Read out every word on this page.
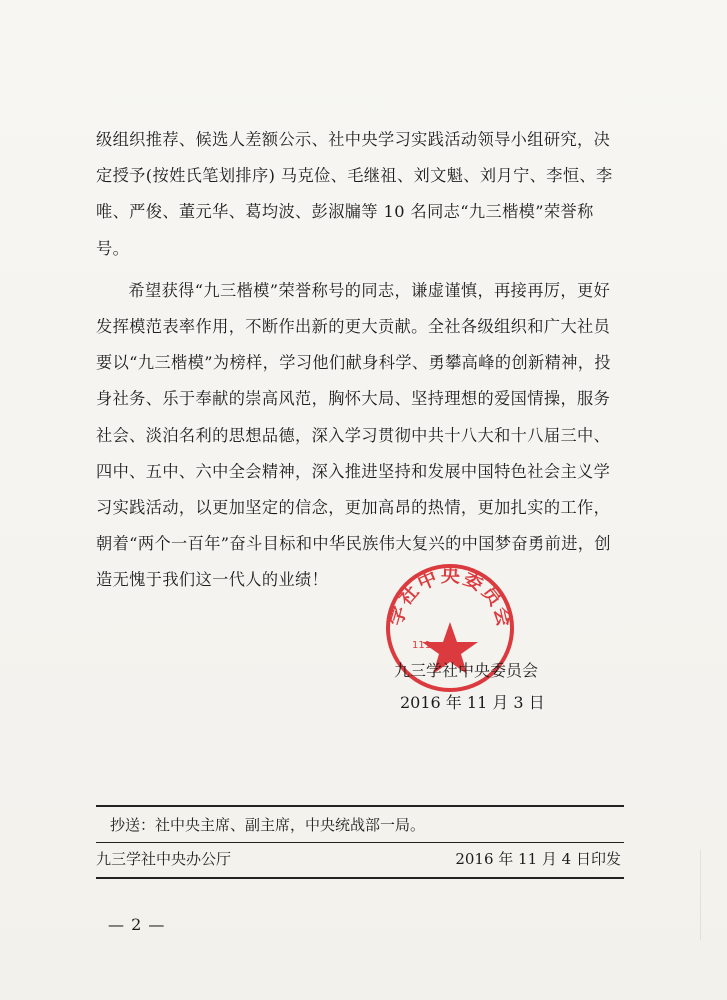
级组织推荐、候选人差额公示、社中央学习实践活动领导小组研究，决定授予(按姓氏笔划排序) 马克俭、毛继祖、刘文魁、刘月宁、李恒、李唯、严俊、董元华、葛均波、彭淑牖等 10 名同志“九三楷模”荣誉称号。

希望获得“九三楷模”荣誉称号的同志，谦虚谨慎，再接再厉，更好发挥模范表率作用，不断作出新的更大贡献。全社各级组织和广大社员要以“九三楷模”为榜样，学习他们献身科学、勇攀高峰的创新精神，投身社务、乐于奉献的崇高风范，胸怀大局、坚持理想的爱国情操，服务社会、淡泊名利的思想品德，深入学习贯彻中共十八大和十八届三中、四中、五中、六中全会精神，深入推进坚持和发展中国特色社会主义学习实践活动，以更加坚定的信念，更加高昂的热情，更加扎实的工作，朝着“两个一百年”奋斗目标和中华民族伟大复兴的中国梦奋勇前进，创造无愧于我们这一代人的业绩！

学社中央委员会
111
九三学社中央委员会
2016 年 11 月 3 日
抄送：社中央主席、副主席，中央统战部一局。
九三学社中央办公厅	2016 年 11 月 4 日印发
— 2 —
